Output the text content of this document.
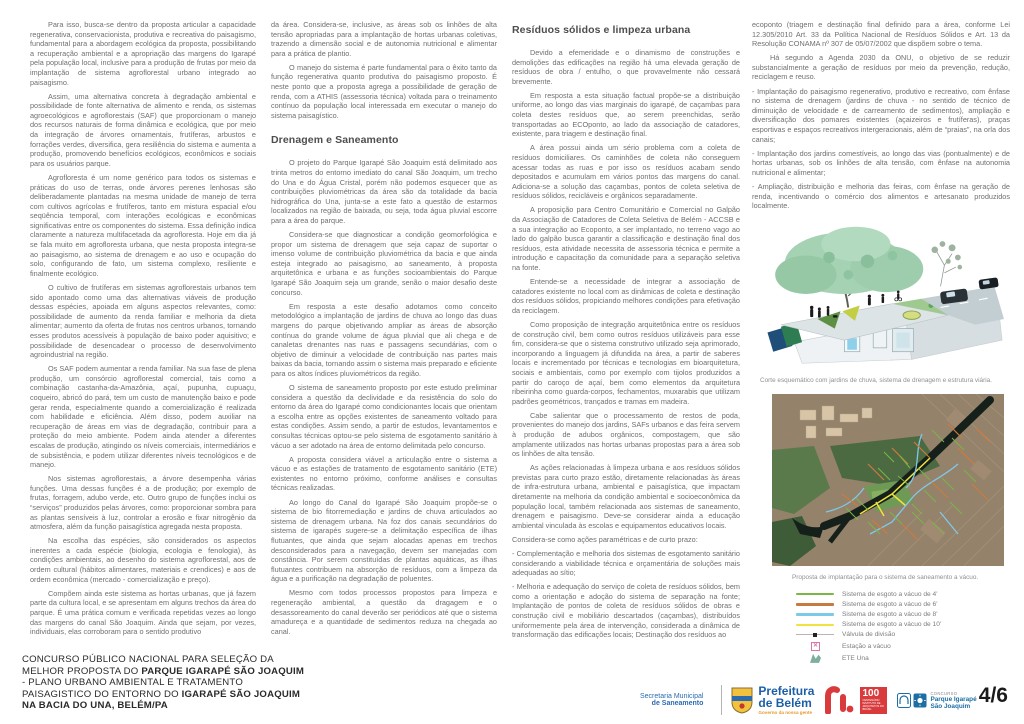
Para isso, busca-se dentro da proposta articular a capacidade regenerativa, conservacionista, produtiva e recreativa do paisagismo, fundamental para a abordagem ecológica da proposta, possibilitando a recuperação ambiental e a apropriação das margens do Igarapé pela população local, inclusive para a produção de frutas por meio da implantação de sistema agroflorestal urbano integrado ao paisagismo.

Assim, uma alternativa concreta à degradação ambiental e possibilidade de fonte alternativa de alimento e renda, os sistemas agroecológicos e agroflorestais (SAF) que proporcionam o manejo dos recursos naturais de forma dinâmica e ecológica, que por meio da integração de árvores ornamentais, frutíferas, arbustos e forrações verdes, diversifica, gera resiliência do sistema e aumenta a produção, promovendo benefícios ecológicos, econômicos e sociais para os usuários parque.

Agrofloresta é um nome genérico para todos os sistemas e práticas do uso de terras, onde árvores perenes lenhosas são deliberadamente plantadas na mesma unidade de manejo de terra com cultivos agrícolas e frutíferos, tanto em mistura espacial e/ou seqüência temporal, com interações ecológicas e econômicas significativas entre os componentes do sistema. Essa definição indica claramente a natureza multifacetada da agrofloresta. Hoje em dia já se fala muito em agrofloresta urbana, que nesta proposta integra-se ao paisagismo, ao sistema de drenagem e ao uso e ocupação do solo, configurando de fato, um sistema complexo, resiliente e finalmente ecológico.

O cultivo de frutíferas em sistemas agroflorestais urbanos tem sido apontado como uma das alternativas viáveis de produção dessas espécies, apoiada em alguns aspectos relevantes, como: possibilidade de aumento da renda familiar e melhoria da dieta alimentar; aumento da oferta de frutas nos centros urbanos, tornando esses produtos acessíveis à população de baixo poder aquisitivo; e possibilidade de desencadear o processo de desenvolvimento agroindustrial na região.

Os SAF podem aumentar a renda familiar. Na sua fase de plena produção, um consórcio agroflorestal comercial, tais como a combinação castanha-da-Amazônia, açaí, pupunha, cupuaçu, coqueiro, abricó do pará, tem um custo de manutenção baixo e pode gerar renda, especialmente quando a comercialização é realizada com habilidade e eficiência. Além disso, podem auxiliar na recuperação de áreas em vias de degradação, contribuir para a proteção do meio ambiente. Podem ainda atender a diferentes escalas de produção, atingindo os níveis comerciais, intermediários e de subsistência, e podem utilizar diferentes níveis tecnológicos e de manejo.

Nos sistemas agroflorestais, a árvore desempenha várias funções. Uma dessas funções é a de produção; por exemplo de frutas, forragem, adubo verde, etc. Outro grupo de funções inclui os “serviços” produzidos pelas árvores, como: proporcionar sombra para as plantas sensíveis à luz, controlar a erosão e fixar nitrogênio da atmosfera, além da função paisagística agregada nesta proposta.

Na escolha das espécies, são considerados os aspectos inerentes a cada espécie (biologia, ecologia e fenologia), às condições ambientais, ao desenho do sistema agroflorestal, aos de ordem cultural (hábitos alimentares, materiais e crendices) e aos de ordem econômica (mercado - comercialização e preço).

Compõem ainda este sistema as hortas urbanas, que já fazem parte da cultura local, e se apresentam em alguns trechos da área do parque. É uma prática comum e verificada repetidas vezes ao longo das margens do canal São Joaquim. Ainda que sejam, por vezes, individuais, elas corroboram para o sentido produtivo

da área. Considera-se, inclusive, as áreas sob os linhões de alta tensão apropriadas para a implantação de hortas urbanas coletivas, trazendo a dimensão social e de autonomia nutricional e alimentar para a prática de plantio.

O manejo do sistema é parte fundamental para o êxito tanto da função regenerativa quanto produtiva do paisagismo proposto. É neste ponto que a proposta agrega a possibilidade de geração de renda, com a ATHIS (assessoria técnica) voltada para o treinamento contínuo da população local interessada em executar o manejo do sistema paisagístico.

Drenagem e Saneamento

O projeto do Parque Igarapé São Joaquim está delimitado aos trinta metros do entorno imediato do canal São Joaquim, um trecho do Una e do Água Cristal, porém não podemos esquecer que as contribuições pluviométricas da área são da totalidade da bacia hidrográfica do Una, junta-se a este fato a questão de estarmos localizados na região de baixada, ou seja, toda água pluvial escorre para a área do parque.

Considera-se que diagnosticar a condição geomorfológica e propor um sistema de drenagem que seja capaz de suportar o imenso volume de contribuição pluviométrica da bacia e que ainda esteja integrado ao paisagismo, ao saneamento, à proposta arquitetônica e urbana e as funções socioambientais do Parque Igarapé São Joaquim seja um grande, senão o maior desafio deste concurso.

Em resposta a este desafio adotamos como conceito metodológico a implantação de jardins de chuva ao longo das duas margens do parque objetivando ampliar as áreas de absorção contínua do grande volume de água pluvial que ali chega e de canaletas drenantes nas ruas e passagens secundárias, com o objetivo de diminuir a velocidade de contribuição nas partes mais baixas da bacia, tornando assim o sistema mais preparado e eficiente para os altos índices pluviométricos da região.

O sistema de saneamento proposto por este estudo preliminar considera a questão da declividade e da resistência do solo do entorno da área do Igarapé como condicionantes locais que orientam a escolha entre as opções existentes de saneamento voltado para estas condições. Assim sendo, a partir de estudos, levantamentos e consultas técnicas optou-se pelo sistema de esgotamento sanitário à vácuo a ser adotado na área de entorno delimitada pelo concurso.

A proposta considera viável a articulação entre o sistema a vácuo e as estações de tratamento de esgotamento sanitário (ETE) existentes no entorno próximo, conforme análises e consultas técnicas realizadas.

Ao longo do Canal do Igarapé São Joaquim propõe-se o sistema de bio fitorremediação e jardins de chuva articulados ao sistema de drenagem urbana. Na foz dos canais secundários do sistema de igarapés sugere-se a delimitação específica de ilhas flutuantes, que ainda que sejam alocadas apenas em trechos desconsiderados para a navegação, devem ser manejadas com constância. Por serem constituídas de plantas aquáticas, as ilhas flutuantes contribuem na absorção de resíduos, com a limpeza da água e a purificação na degradação de poluentes.

Mesmo com todos processos propostos para limpeza e regeneração ambiental, a questão da dragagem e o desassoreamento do canal deverão ser periódicos até que o sistema amadureça e a quantidade de sedimentos reduza na chegada ao canal.

Resíduos sólidos e limpeza urbana

Devido a efemeridade e o dinamismo de construções e demolições das edificações na região há uma elevada geração de resíduos de obra / entulho, o que provavelmente não cessará brevemente.

Em resposta a esta situação factual propõe-se a distribuição uniforme, ao longo das vias marginais do igarapé, de caçambas para coleta destes resíduos que, ao serem preenchidas, serão transportadas ao ECOponto, ao lado da associação de catadores, existente, para triagem e destinação final.

A área possui ainda um sério problema com a coleta de resíduos domiciliares. Os caminhões de coleta não conseguem acessar todas as ruas e por isso os resíduos acabam sendo depositados e acumulam em vários pontos das margens do canal. Adiciona-se a solução das caçambas, pontos de coleta seletiva de resíduos sólidos, recicláveis e orgânicos separadamente.

A proposição para Centro Comunitário e Comercial no Galpão da Associação de Catadores de Coleta Seletiva de Belém - ACCSB e a sua integração ao Ecoponto, a ser implantado, no terreno vago ao lado do galpão busca garantir a classificação e destinação final dos resíduos, esta atividade necessita de assessoria técnica e permite a introdução e capacitação da comunidade para a separação seletiva na fonte.

Entende-se a necessidade de integrar a associação de catadores existente no local com as dinâmicas de coleta e destinação dos resíduos sólidos, propiciando melhores condições para efetivação da reciclagem.

Como proposição de integração arquitetônica entre os resíduos de construção civil, bem como outros resíduos utilizáveis para esse fim, considera-se que o sistema construtivo utilizado seja aprimorado, incorporando a linguagem já difundida na área, a partir de saberes locais e incrementado por técnicas e tecnologias em bioarquitetura, sociais e ambientais, como por exemplo com tijolos produzidos a partir do caroço de açaí, bem como elementos da arquitetura ribeirinha como guarda-corpos, fechamentos, muxarabis que utilizam padrões geométricos, trançados e tramas em madeira.

Cabe salientar que o processamento de restos de poda, provenientes do manejo dos jardins, SAFs urbanos e das feira servem à produção de adubos orgânicos, compostagem, que são amplamente utilizados nas hortas urbanas propostas para a área sob os linhões de alta tensão.

As ações relacionadas à limpeza urbana e aos resíduos sólidos previstas para curto prazo estão, diretamente relacionadas às áreas de infra-estrutura urbana, ambiental e paisagística, que impactam diretamente na melhoria da condição ambiental e socioeconômica da população local, também relacionada aos sistemas de saneamento, drenagem e paisagismo. Deve-se considerar ainda a educação ambiental vinculada às escolas e equipamentos educativos locais.

Considera-se como ações paramétricas e de curto prazo:

- Complementação e melhoria dos sistemas de esgotamento sanitário considerando a viabilidade técnica e orçamentária de soluções mais adequadas ao sítio;

- Melhoria e adequação do serviço de coleta de resíduos sólidos, bem como a orientação e adoção do sistema de separação na fonte; Implantação de pontos de coleta de resíduos sólidos de obras e construção civil e mobiliário descartados (caçambas), distribuídos uniformemente pela área de intervenção, considerada a dinâmica de transformação das edificações locais; Destinação dos resíduos ao

ecoponto (triagem e destinação final definido para a área, conforme Lei 12.305/2010 Art. 33 da Política Nacional de Resíduos Sólidos e Art. 13 da Resolução CONAMA nº 307 de 05/07/2002 que dispõem sobre o tema.

Há segundo a Agenda 2030 da ONU, o objetivo de se reduzir substancialmente a geração de resíduos por meio da prevenção, redução, reciclagem e reuso.

- Implantação do paisagismo regenerativo, produtivo e recreativo, com ênfase no sistema de drenagem (jardins de chuva - no sentido de técnico de diminuição de velocidade e de carreamento de sedimentos), ampliação e diversificação dos pomares existentes (açaizeiros e frutíferas), praças esportivas e espaços recreativos intergeracionais, além de “praias”, na orla dos canais;

- Implantação dos jardins comestíveis, ao longo das vias (pontualmente) e de hortas urbanas, sob os linhões de alta tensão, com ênfase na autonomia nutricional e alimentar;

- Ampliação, distribuição e melhoria das feiras, com ênfase na geração de renda, incentivando o comércio dos alimentos e artesanato produzidos localmente.

Corte esquemático com jardins de chuva, sistema de drenagem e estrutura viária.
Proposta de implantação para o sistema de saneamento a vácuo.
Sistema de esgoto a vácuo de 4'
Sistema de esgoto a vácuo de 6'
Sistema de esgoto a vácuo de 8'
Sistema de esgoto a vácuo de 10'
Válvula de divisão
✕	Estação a vácuo
ETE Una
CONCURSO PÚBLICO NACIONAL PARA SELEÇÃO DA
MELHOR PROPOSTA DO PARQUE IGARAPÉ SÃO JOAQUIM
- PLANO URBANO AMBIENTAL E TRATAMENTO
PAISAGISTICO DO ENTORNO DO IGARAPÉ SÃO JOAQUIM
NA BACIA DO UNA, BELÉM/PA
Secretaria Municipal
de Saneamento
Prefeitura
de Belém
Governo da nossa gente
100
CENTENÁRIO INSTITUTO DE ARQUITETOS DO BRASIL
CONCURSO
Parque Igarapé
São Joaquim 4/6
